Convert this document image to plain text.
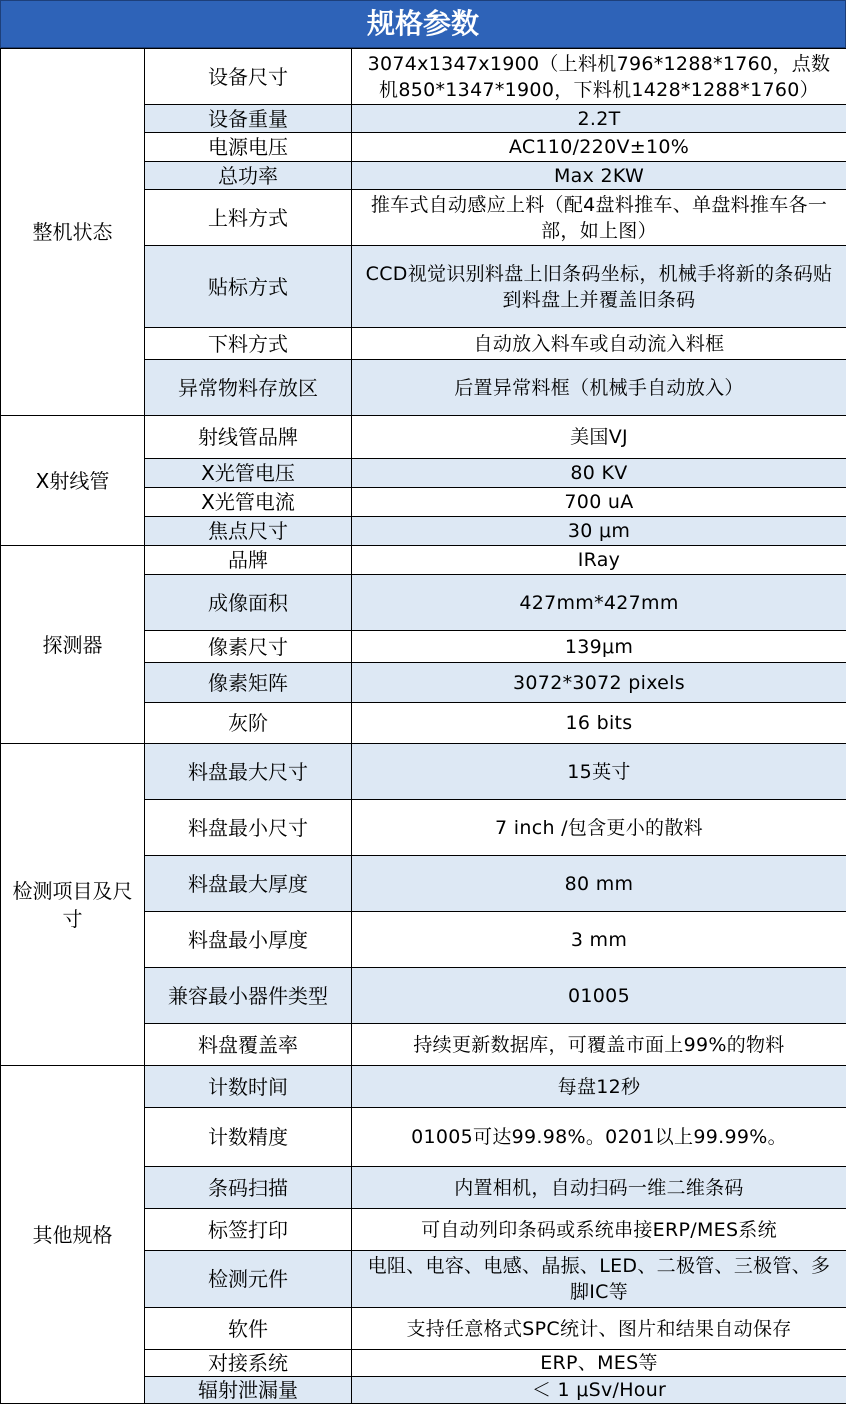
规格参数
整机状态	设备尺寸	3074x1347x1900（上料机796*1288*1760，点数机850*1347*1900，下料机1428*1288*1760）
	设备重量	2.2T
	电源电压	AC110/220V±10%
	总功率	Max 2KW
	上料方式	推车式自动感应上料（配4盘料推车、单盘料推车各一部，如上图）
	贴标方式	CCD视觉识别料盘上旧条码坐标，机械手将新的条码贴到料盘上并覆盖旧条码
	下料方式	自动放入料车或自动流入料框
	异常物料存放区	后置异常料框（机械手自动放入）
X射线管	射线管品牌	美国VJ
	X光管电压	80 KV
	X光管电流	700 uA
	焦点尺寸	30 μm
探测器	品牌	IRay
	成像面积	427mm*427mm
	像素尺寸	139μm
	像素矩阵	3072*3072 pixels
	灰阶	16 bits
检测项目及尺寸	料盘最大尺寸	15英寸
	料盘最小尺寸	7 inch /包含更小的散料
	料盘最大厚度	80 mm
	料盘最小厚度	3 mm
	兼容最小器件类型	01005
	料盘覆盖率	持续更新数据库，可覆盖市面上99%的物料
其他规格	计数时间	每盘12秒
	计数精度	01005可达99.98%。0201以上99.99%。
	条码扫描	内置相机，自动扫码一维二维条码
	标签打印	可自动列印条码或系统串接ERP/MES系统
	检测元件	电阻、电容、电感、晶振、LED、二极管、三极管、多脚IC等
	软件	支持任意格式SPC统计、图片和结果自动保存
	对接系统	ERP、MES等
	辐射泄漏量	＜ 1 μSv/Hour
